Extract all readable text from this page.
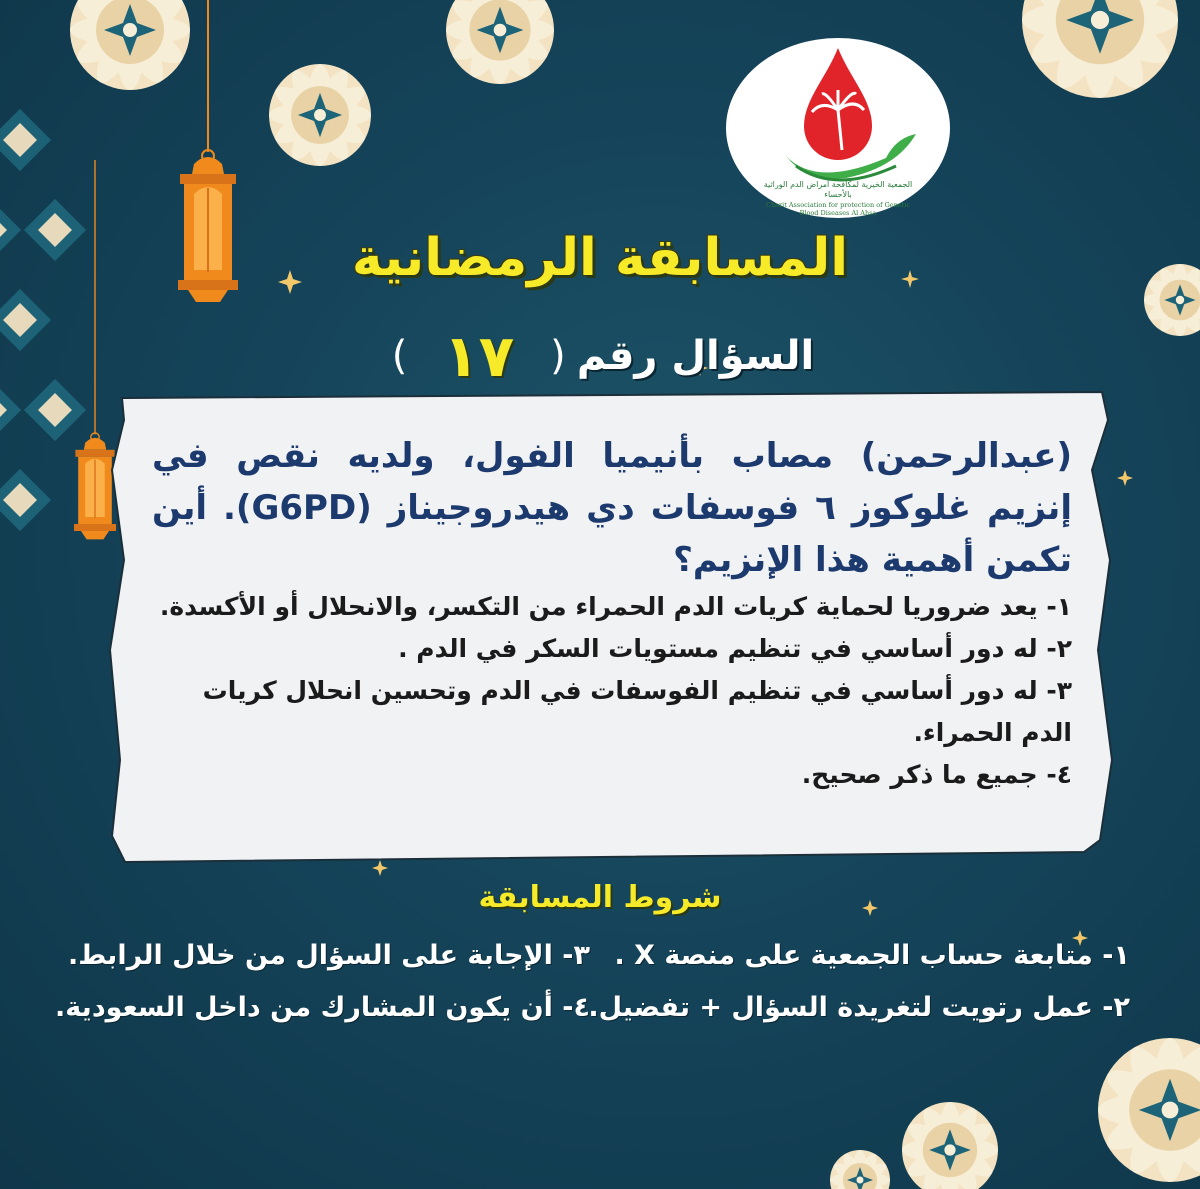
الجمعية الخيرية لمكافحة أمراض الدم الوراثية بالأحساء
Charit Association for protection of Genetic Blood Diseases Al Ahsa
المسابقة الرمضانية
السؤال رقم (١٧)

(عبدالرحمن) مصاب بأنيميا الفول، ولديه نقص في إنزيم غلوكوز ٦ فوسفات دي هيدروجيناز (G6PD). أين تكمن أهمية هذا الإنزيم؟

١- يعد ضروريا لحماية كريات الدم الحمراء من التكسر، والانحلال أو الأكسدة.

٢- له دور أساسي في تنظيم مستويات السكر في الدم .

٣- له دور أساسي في تنظيم الفوسفات في الدم وتحسين انحلال كريات الدم الحمراء.

٤- جميع ما ذكر صحيح.

شروط المسابقة
١- متابعة حساب الجمعية على منصة X .
٢- عمل رتويت لتغريدة السؤال + تفضيل.
٣- الإجابة على السؤال من خلال الرابط.
٤- أن يكون المشارك من داخل السعودية.
